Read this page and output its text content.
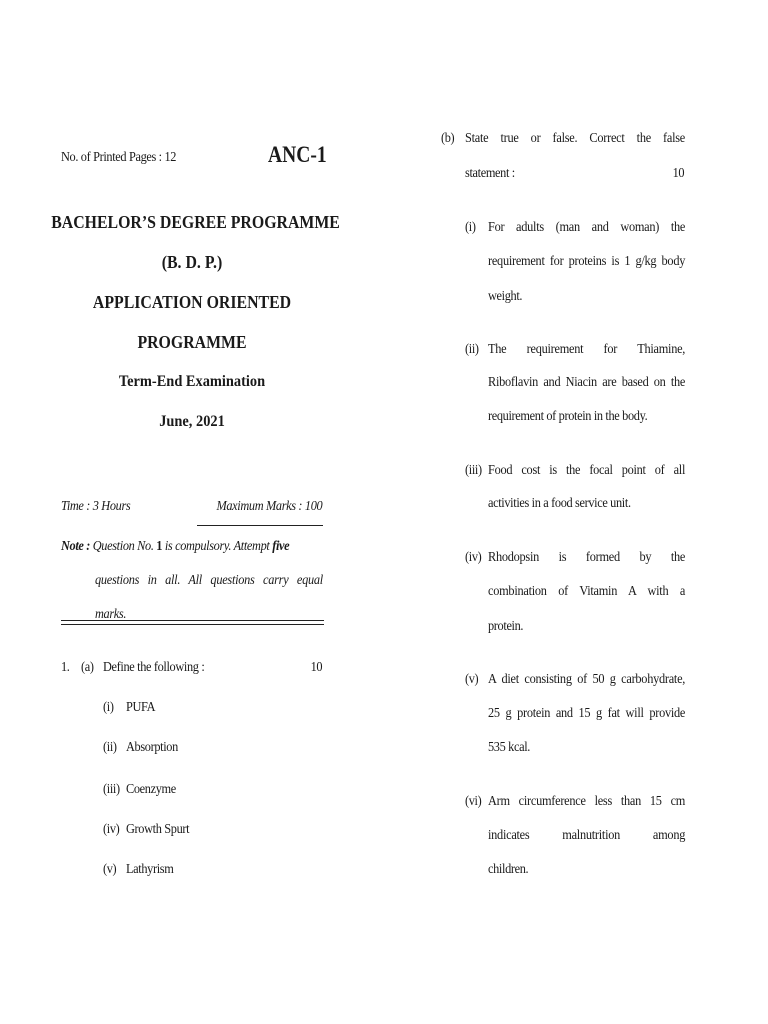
No. of Printed Pages : 12	ANC-1
BACHELOR’S DEGREE PROGRAMME
(B. D. P.)
APPLICATION ORIENTED
PROGRAMME
Term-End Examination
June, 2021
Time : 3 Hours	Maximum Marks : 100
Note : Question No. 1 is compulsory. Attempt five
questions in all. All questions carry equal
marks.
1. (a) Define the following :	10
(i) PUFA
(ii) Absorption
(iii) Coenzyme
(iv) Growth Spurt
(v) Lathyrism
(b) State true or false. Correct the false
statement :	10
(i) For adults (man and woman) the
requirement for proteins is 1 g/kg body
weight.
(ii) The requirement for Thiamine,
Riboflavin and Niacin are based on the
requirement of protein in the body.
(iii) Food cost is the focal point of all
activities in a food service unit.
(iv) Rhodopsin is formed by the
combination of Vitamin A with a
protein.
(v) A diet consisting of 50 g carbohydrate,
25 g protein and 15 g fat will provide
535 kcal.
(vi) Arm circumference less than 15 cm
indicates malnutrition among
children.
